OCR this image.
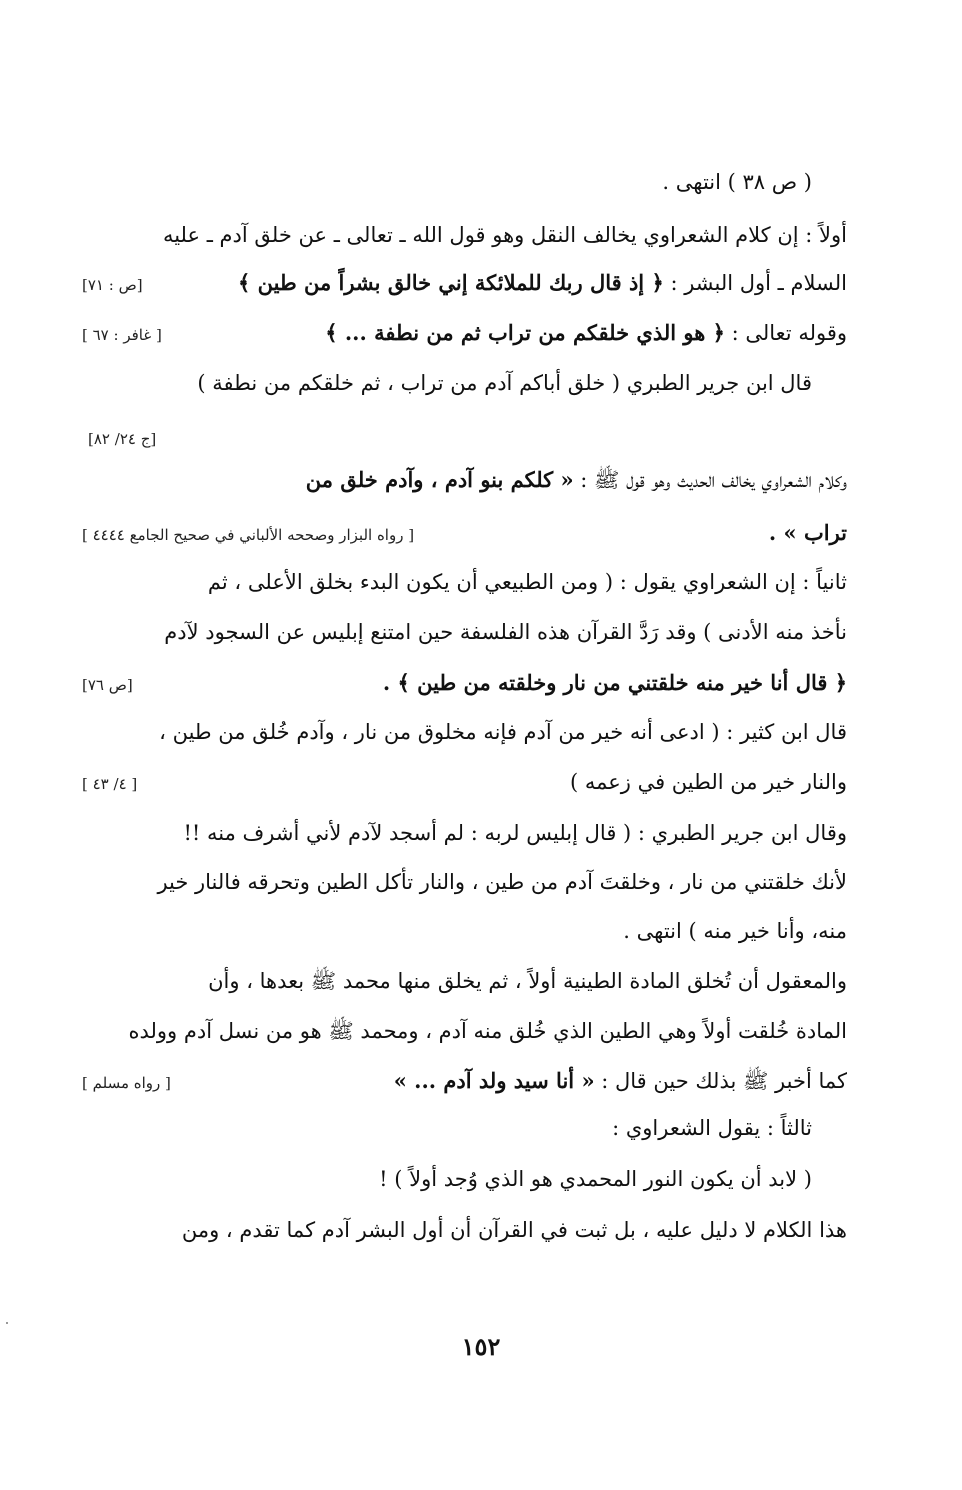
( ص ٣٨ ) انتهى .
أولاً : إن كلام الشعراوي يخالف النقل وهو قول الله ـ تعالى ـ عن خلق آدم ـ عليه
السلام ـ أول البشر : ﴿ إذ قال ربك للملائكة إني خالق بشراً من طين ﴾
[ص : ٧١]
وقوله تعالى : ﴿ هو الذي خلقكم من تراب ثم من نطفة ... ﴾
[ غافر : ٦٧ ]
قال ابن جرير الطبري ( خلق أباكم آدم من تراب ، ثم خلقكم من نطفة )
[ج ٢٤/ ٨٢]
وكلام الشعراوي يخالف الحديث وهو قول ﷺ : « كلكم بنو آدم ، وآدم خلق من
تراب » .
[ رواه البزار وصححه الألباني في صحيح الجامع ٤٤٤٤ ]
ثانياً : إن الشعراوي يقول : ( ومن الطبيعي أن يكون البدء بخلق الأعلى ، ثم
نأخذ منه الأدنى ) وقد رَدَّ القرآن هذه الفلسفة حين امتنع إبليس عن السجود لآدم
﴿ قال أنا خير منه خلقتني من نار وخلقته من طين ﴾ .
[ص ٧٦]
قال ابن كثير : ( ادعى أنه خير من آدم فإنه مخلوق من نار ، وآدم خُلق من طين ،
والنار خير من الطين في زعمه )
[ ٤/ ٤٣ ]
وقال ابن جرير الطبري : ( قال إبليس لربه : لم أسجد لآدم لأني أشرف منه !!
لأنك خلقتني من نار ، وخلقتَ آدم من طين ، والنار تأكل الطين وتحرقه فالنار خير
منه، وأنا خير منه ) انتهى .
والمعقول أن تُخلق المادة الطينية أولاً ، ثم يخلق منها محمد ﷺ بعدها ، وأن
المادة خُلقت أولاً وهي الطين الذي خُلق منه آدم ، ومحمد ﷺ هو من نسل آدم وولده
كما أخبر ﷺ بذلك حين قال : « أنا سيد ولد آدم ... »
[ رواه مسلم ]
ثالثاً : يقول الشعراوي :
( لابد أن يكون النور المحمدي هو الذي وُجد أولاً ) !
هذا الكلام لا دليل عليه ، بل ثبت في القرآن أن أول البشر آدم كما تقدم ، ومن
١٥٢
